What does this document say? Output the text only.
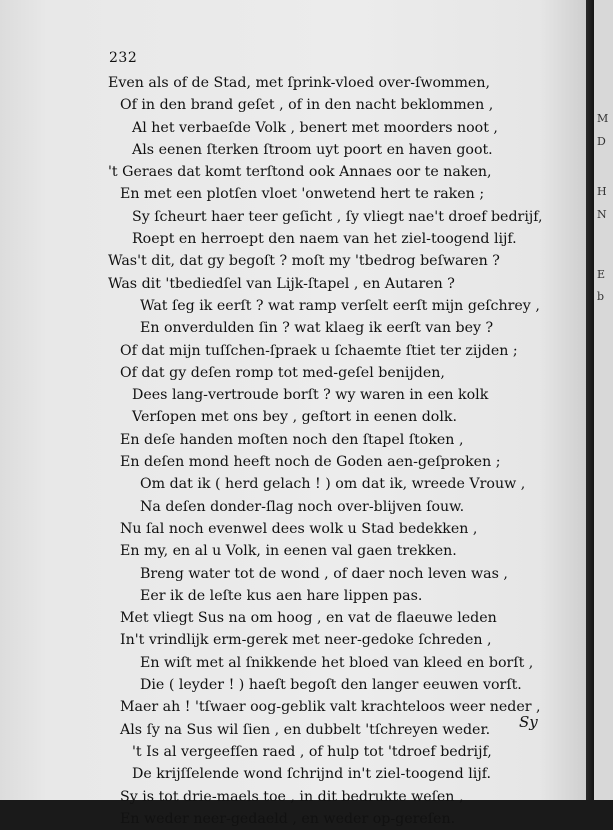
232
Even als of de Stad, met ſprink-vloed over-ſwommen,
Of in den brand geſet , of in den nacht beklommen ,
Al het verbaeſde Volk , benert met moorders noot ,
Als eenen ſterken ſtroom uyt poort en haven goot.
't Geraes dat komt terſtond ook Annaes oor te naken,
En met een plotſen vloet 'onwetend hert te raken ;
Sy ſcheurt haer teer geſicht , ſy vliegt nae't droef bedrijf,
Roept en herroept den naem van het ziel-toogend lijf.
Was't dit, dat gy begoſt ? moſt my 'tbedrog beſwaren ?
Was dit 'tbediedſel van Lijk-ſtapel , en Autaren ?
Wat ſeg ik eerſt ? wat ramp verſelt eerſt mijn geſchrey ,
En onverdulden ſin ? wat klaeg ik eerſt van bey ?
Of dat mijn tuſſchen-ſpraek u ſchaemte ſtiet ter zijden ;
Of dat gy deſen romp tot med-geſel benijden,
Dees lang-vertroude borſt ? wy waren in een kolk
Verſopen met ons bey , geſtort in eenen dolk.
En deſe handen moſten noch den ſtapel ſtoken ,
En deſen mond heeft noch de Goden aen-geſproken ;
Om dat ik ( herd gelach ! ) om dat ik, wreede Vrouw ,
Na deſen donder-ſlag noch over-blijven ſouw.
Nu ſal noch evenwel dees wolk u Stad bedekken ,
En my, en al u Volk, in eenen val gaen trekken.
Breng water tot de wond , of daer noch leven was ,
Eer ik de leſte kus aen hare lippen pas.
Met vliegt Sus na om hoog , en vat de flaeuwe leden
In't vrindlijk erm-gerek met neer-gedoke ſchreden ,
En wiſt met al ſnikkende het bloed van kleed en borſt ,
Die ( leyder ! ) haeſt begoſt den langer eeuwen vorſt.
Maer ah ! 'tſwaer oog-geblik valt krachteloos weer neder ,
Als ſy na Sus wil ſien , en dubbelt 'tſchreyen weder.
't Is al vergeefſen raed , of hulp tot 'tdroef bedrijf,
De krijſſelende wond ſchrijnd in't ziel-toogend lijf.
Sy is tot drie-maels toe , in dit bedrukte weſen ,
En weder neer-gedaeld , en weder op-gereſen.
Sy
M
D
H
N
E
b
